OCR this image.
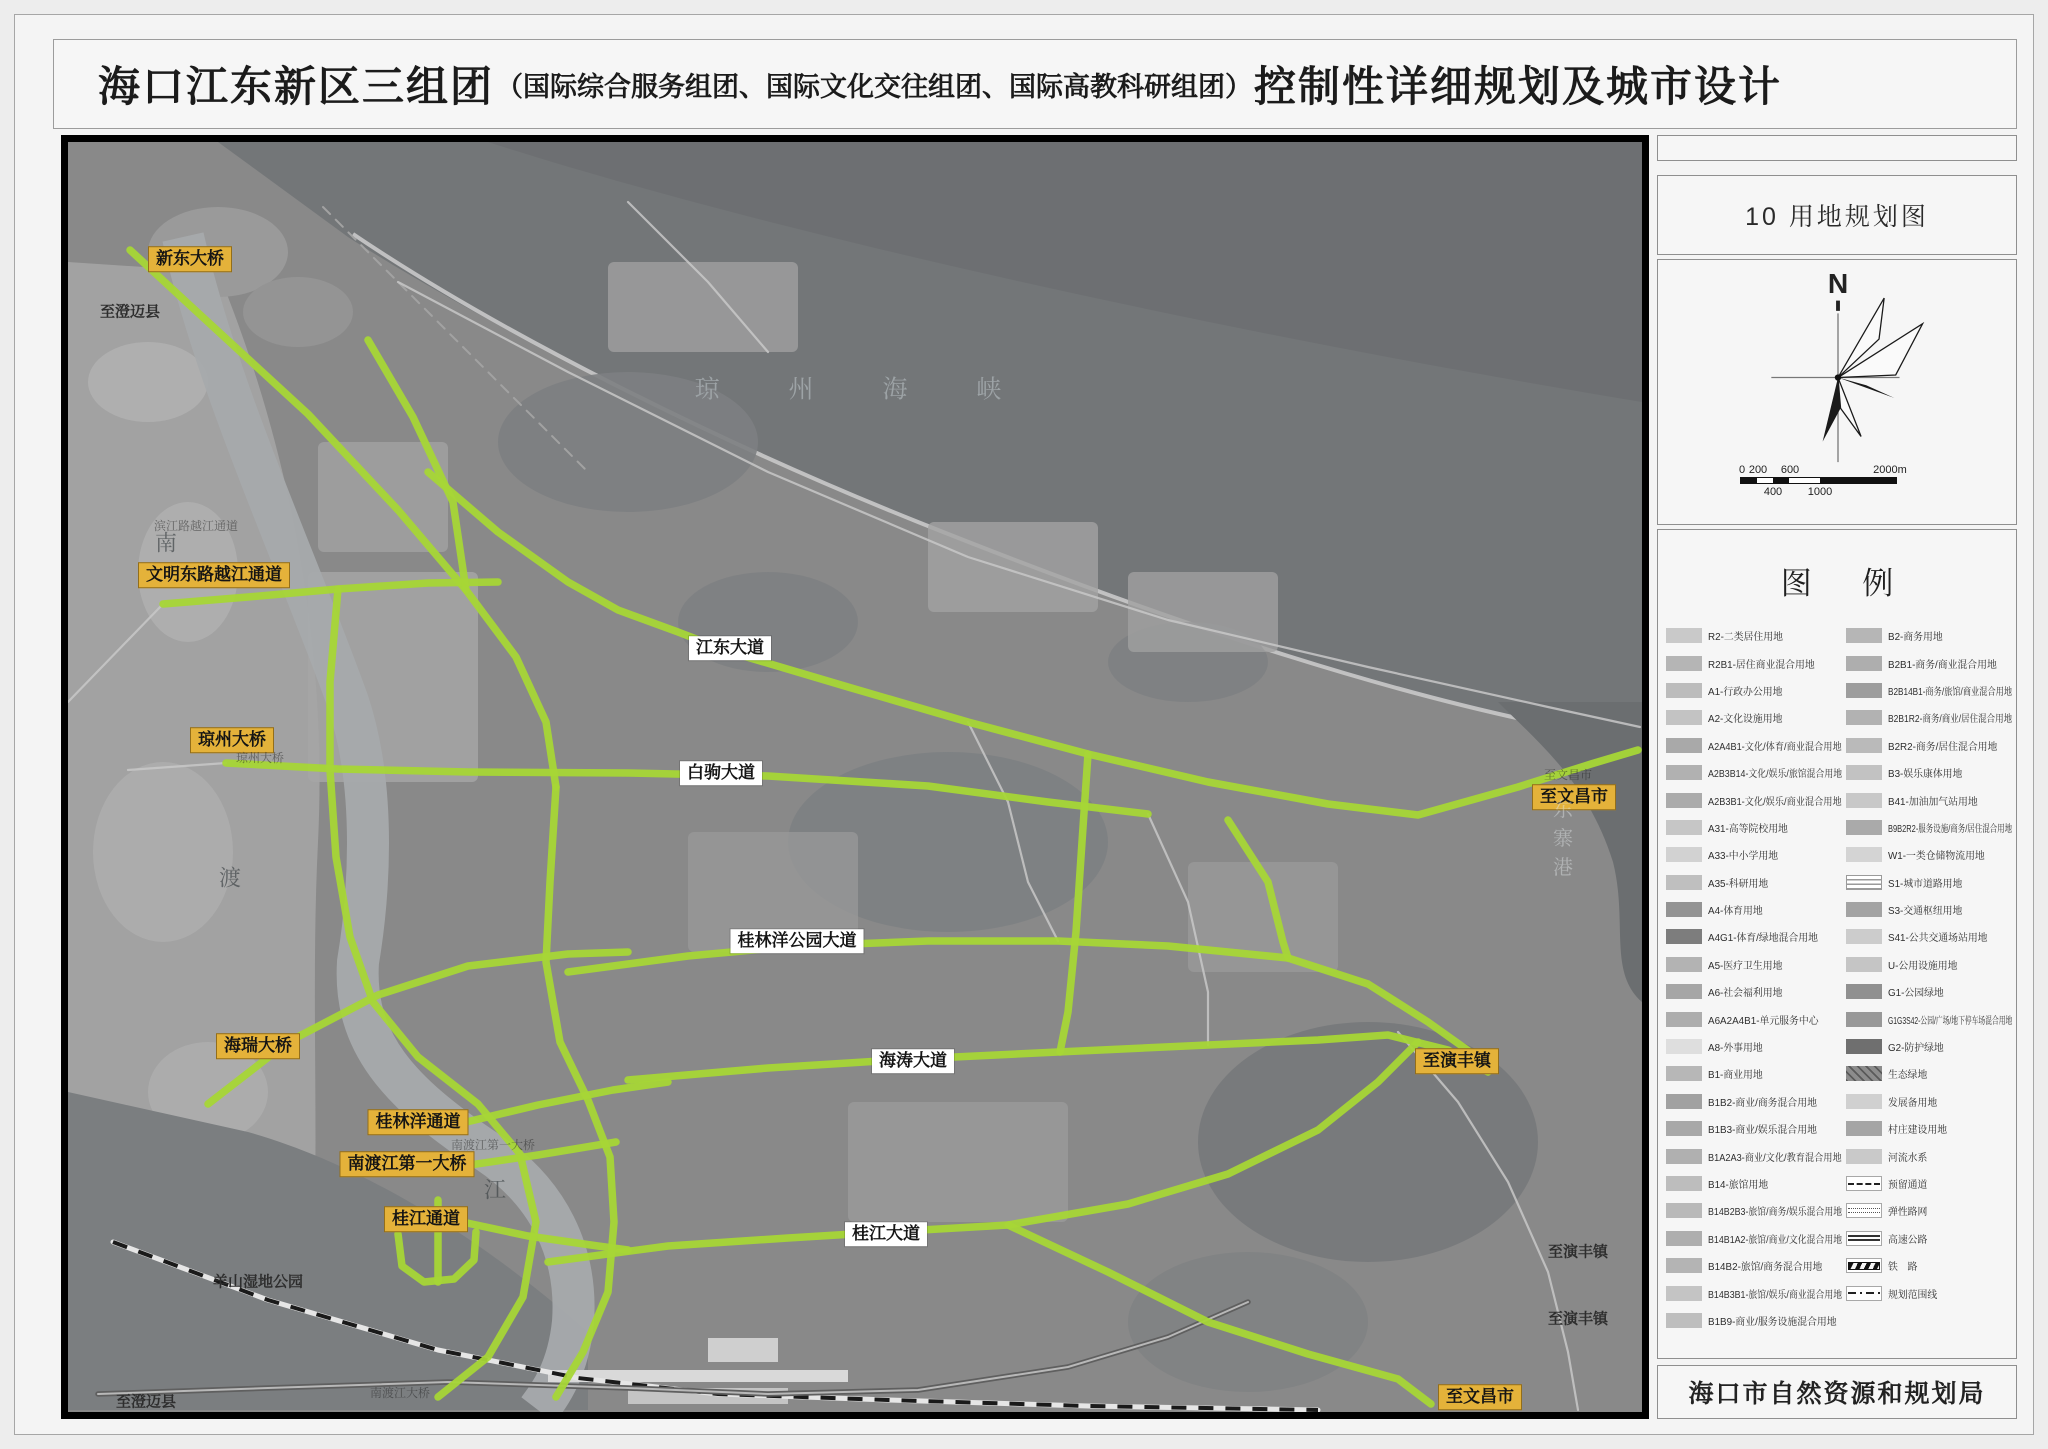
海口江东新区三组团 （国际综合服务组团、国际文化交往组团、国际高教科研组团） 控制性详细规划及城市设计
新东大桥
文明东路越江通道
琼州大桥
海瑞大桥
桂林洋通道
南渡江第一大桥
桂江通道
至文昌市
至演丰镇
至文昌市
江东大道
白驹大道
桂林洋公园大道
海涛大道
桂江大道
至澄迈县
至澄迈县
羊山湿地公园
至演丰镇
至演丰镇
滨江路越江通道
琼州大桥
南渡江第一大桥
南渡江大桥
至文昌市
琼 州 海 峡
南
渡
江
东寨港
10 用地规划图
N
0 200 600	2000m
400 1000
图 例
R2-二类居住用地
R2B1-居住商业混合用地
A1-行政办公用地
A2-文化设施用地
A2A4B1-文化/体育/商业混合用地
A2B3B14-文化/娱乐/旅馆混合用地
A2B3B1-文化/娱乐/商业混合用地
A31-高等院校用地
A33-中小学用地
A35-科研用地
A4-体育用地
A4G1-体育/绿地混合用地
A5-医疗卫生用地
A6-社会福利用地
A6A2A4B1-单元服务中心
A8-外事用地
B1-商业用地
B1B2-商业/商务混合用地
B1B3-商业/娱乐混合用地
B1A2A3-商业/文化/教育混合用地
B14-旅馆用地
B14B2B3-旅馆/商务/娱乐混合用地
B14B1A2-旅馆/商业/文化混合用地
B14B2-旅馆/商务混合用地
B14B3B1-旅馆/娱乐/商业混合用地
B1B9-商业/服务设施混合用地
B2-商务用地
B2B1-商务/商业混合用地
B2B14B1-商务/旅馆/商业混合用地
B2B1R2-商务/商业/居住混合用地
B2R2-商务/居住混合用地
B3-娱乐康体用地
B41-加油加气站用地
B9B2R2-服务设施/商务/居住混合用地
W1-一类仓储物流用地
S1-城市道路用地
S3-交通枢纽用地
S41-公共交通场站用地
U-公用设施用地
G1-公园绿地
G1G3S42-公园/广场/地下停车场混合用地
G2-防护绿地
生态绿地
发展备用地
村庄建设用地
河流水系
预留通道
弹性路网
高速公路
铁　路
规划范围线
海口市自然资源和规划局
